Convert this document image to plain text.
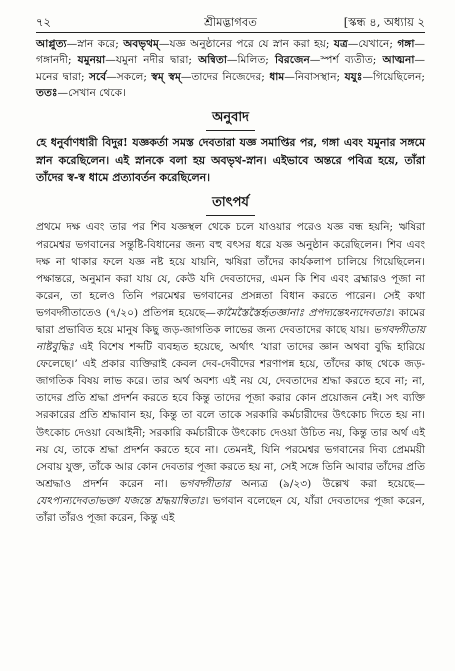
৭২	শ্রীমদ্ভাগবত	[স্কন্ধ ৪, অধ্যায় ২

আপ্লুত্য—স্নান করে; অবভৃথম্—যজ্ঞ অনুষ্ঠানের পরে যে স্নান করা হয়; যত্র—যেখানে; গঙ্গা—গঙ্গানদী; যমুনয়া—যমুনা নদীর দ্বারা; অন্বিতা—মিলিত; বিরজেন—স্পর্শ ব্যতীত; আত্মনা—মনের দ্বারা; সর্বে—সকলে; স্বম্ স্বম্—তাদের নিজেদের; ধাম—নিবাসস্থান; যযুঃ—গিয়েছিলেন; ততঃ—সেখান থেকে।

অনুবাদ

হে ধনুর্বাণধারী বিদুর! যজ্ঞকর্তা সমস্ত দেবতারা যজ্ঞ সমাপ্তির পর, গঙ্গা এবং যমুনার সঙ্গমে স্নান করেছিলেন। এই স্নানকে বলা হয় অবভৃথ-স্নান। এইভাবে অন্তরে পবিত্র হয়ে, তাঁরা তাঁদের স্ব-স্ব ধামে প্রত্যাবর্তন করেছিলেন।

তাৎপর্য

প্রথমে দক্ষ এবং তার পর শিব যজ্ঞস্থল থেকে চলে যাওয়ার পরেও যজ্ঞ বন্ধ হয়নি; ঋষিরা পরমেশ্বর ভগবানের সন্তুষ্টি-বিধানের জন্য বহু বৎসর ধরে যজ্ঞ অনুষ্ঠান করেছিলেন। শিব এবং দক্ষ না থাকার ফলে যজ্ঞ নষ্ট হয়ে যায়নি, ঋষিরা তাঁদের কার্যকলাপ চালিয়ে গিয়েছিলেন। পক্ষান্তরে, অনুমান করা যায় যে, কেউ যদি দেবতাদের, এমন কি শিব এবং ব্রহ্মারও পূজা না করেন, তা হলেও তিনি পরমেশ্বর ভগবানের প্রসন্নতা বিধান করতে পারেন। সেই কথা ভগবদ্গীতাতেও (৭/২০) প্রতিপন্ন হয়েছে—কামৈস্তৈস্তৈর্হৃতজ্ঞানাঃ প্রপদ্যন্তেঽন্যদেবতাঃ। কামের দ্বারা প্রভাবিত হয়ে মানুষ কিছু জড়-জাগতিক লাভের জন্য দেবতাদের কাছে যায়। ভগবদ্গীতায় নাষ্টবুদ্ধিঃ এই বিশেষ শব্দটি ব্যবহৃত হয়েছে, অর্থাৎ ‘যারা তাদের জ্ঞান অথবা বুদ্ধি হারিয়ে ফেলেছে।’ এই প্রকার ব্যক্তিরাই কেবল দেব-দেবীদের শরণাপন্ন হয়ে, তাঁদের কাছ থেকে জড়-জাগতিক বিষয় লাভ করে। তার অর্থ অবশ্য এই নয় যে, দেবতাদের শ্রদ্ধা করতে হবে না; না, তাদের প্রতি শ্রদ্ধা প্রদর্শন করতে হবে কিন্তু তাদের পূজা করার কোন প্রয়োজন নেই। সৎ ব্যক্তি সরকারের প্রতি শ্রদ্ধাবান হয়, কিন্তু তা বলে তাকে সরকারি কর্মচারীদের উৎকোচ দিতে হয় না। উৎকোচ দেওয়া বেআইনী; সরকারি কর্মচারীকে উৎকোচ দেওয়া উচিত নয়, কিন্তু তার অর্থ এই নয় যে, তাকে শ্রদ্ধা প্রদর্শন করতে হবে না। তেমনই, যিনি পরমেশ্বর ভগবানের দিব্য প্রেমময়ী সেবায় যুক্ত, তাঁকে আর কোন দেবতার পূজা করতে হয় না, সেই সঙ্গে তিনি আবার তাঁদের প্রতি অশ্রদ্ধাও প্রদর্শন করেন না। ভগবদ্গীতার অন্যত্র (৯/২৩) উল্লেখ করা হয়েছে—যেঽপ্যন্যদেবতাভক্তা যজন্তে শ্রদ্ধয়ান্বিতাঃ। ভগবান বলেছেন যে, যাঁরা দেবতাদের পূজা করেন, তাঁরা তাঁরও পূজা করেন, কিন্তু এই
